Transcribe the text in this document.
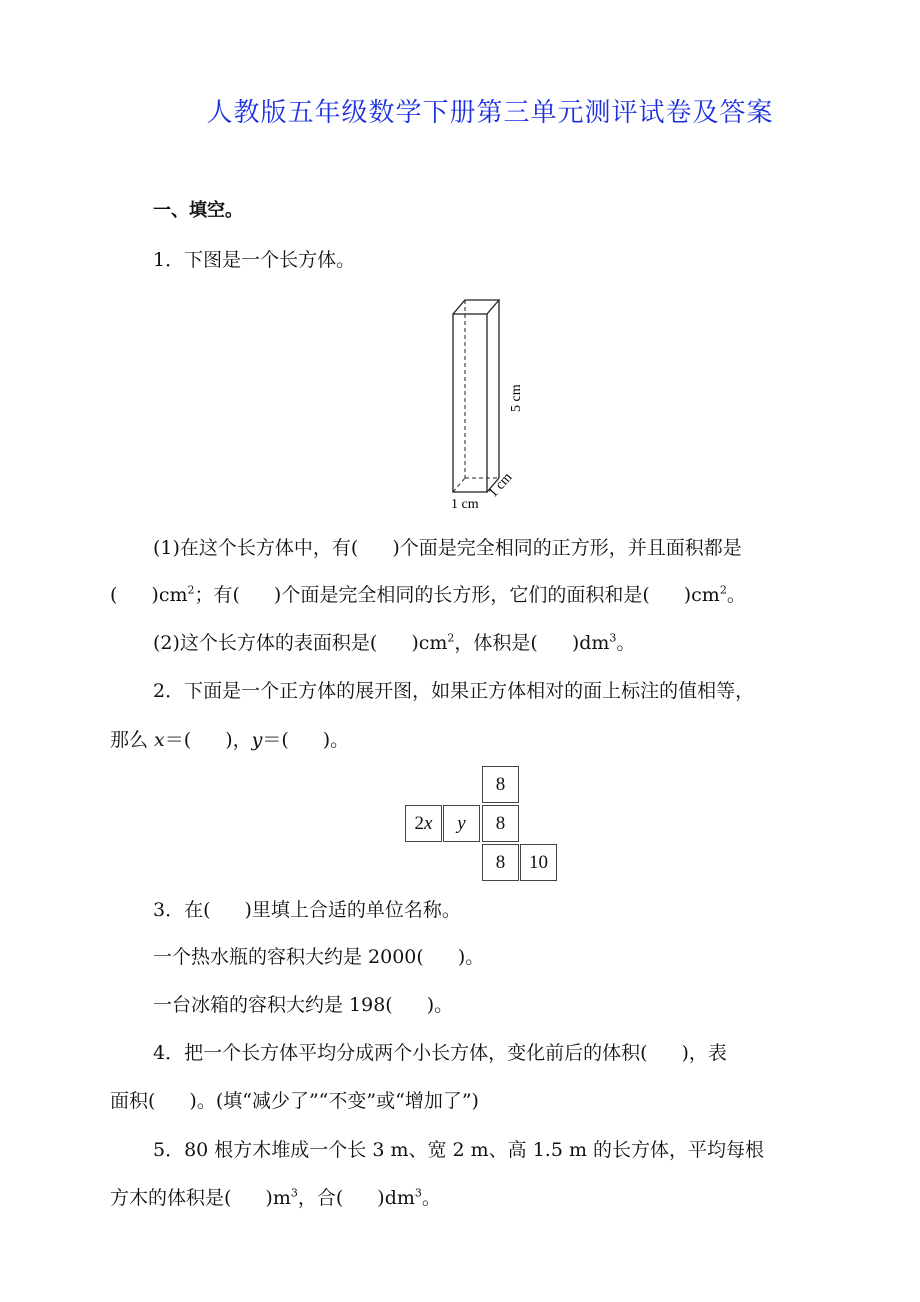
人教版五年级数学下册第三单元测评试卷及答案
一、填空。
1．下图是一个长方体。
5 cm
1 cm
1 cm
(1)在这个长方体中，有( )个面是完全相同的正方形，并且面积都是
( )$cm^2$；有( )个面是完全相同的长方形，它们的面积和是( )$cm^2$。
(2)这个长方体的表面积是( )$cm^2$，体积是( )$dm^3$。
2．下面是一个正方体的展开图，如果正方体相对的面上标注的值相等，
那么 x＝( )，y＝( )。
8
2 x y	8
8	10
3．在( )里填上合适的单位名称。
一个热水瓶的容积大约是 2000( )。
一台冰箱的容积大约是 198( )。
4．把一个长方体平均分成两个小长方体，变化前后的体积( )，表
面积( )。(填“减少了”“不变”或“增加了”)
5．80 根方木堆成一个长 3 m、宽 2 m、高 1.5 m 的长方体，平均每根
方木的体积是( )$m^3$，合( )$dm^3$。
